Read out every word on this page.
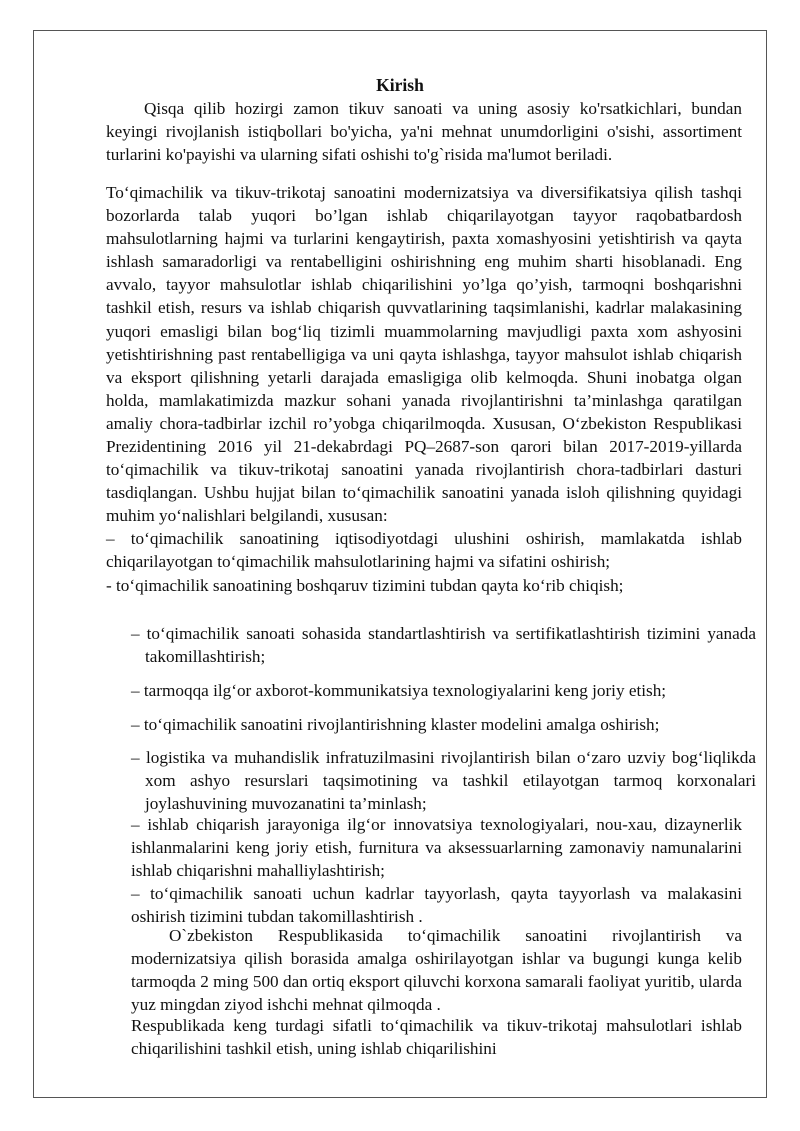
Kirish
Qisqa qilib hozirgi zamon tikuv sanoati va uning asosiy ko'rsatkichlari, bundan keyingi rivojlanish istiqbollari bo'yicha, ya'ni mehnat unumdorligini o'sishi, assortiment turlarini ko'payishi va ularning sifati oshishi to'g`risida ma'lumot beriladi.
To‘qimachilik va tikuv-trikotaj sanoatini modernizatsiya va diversifikatsiya qilish tashqi bozorlarda talab yuqori bo’lgan ishlab chiqarilayotgan tayyor raqobatbardosh mahsulotlarning hajmi va turlarini kengaytirish, paxta xomashyosini yetishtirish va qayta ishlash samaradorligi va rentabelligini oshirishning eng muhim sharti hisoblanadi. Eng avvalo, tayyor mahsulotlar ishlab chiqarilishini yo’lga qo’yish, tarmoqni boshqarishni tashkil etish, resurs va ishlab chiqarish quvvatlarining taqsimlanishi, kadrlar malakasining yuqori emasligi bilan bog‘liq tizimli muammolarning mavjudligi paxta xom ashyosini yetishtirishning past rentabelligiga va uni qayta ishlashga, tayyor mahsulot ishlab chiqarish va eksport qilishning yetarli darajada emasligiga olib kelmoqda. Shuni inobatga olgan holda, mamlakatimizda mazkur sohani yanada rivojlantirishni ta’minlashga qaratilgan amaliy chora-tadbirlar izchil ro’yobga chiqarilmoqda. Xususan, O‘zbekiston Respublikasi Prezidentining 2016 yil 21-dekabrdagi PQ–2687-son qarori bilan 2017-2019-yillarda to‘qimachilik va tikuv-trikotaj sanoatini yanada rivojlantirish chora-tadbirlari dasturi tasdiqlangan. Ushbu hujjat bilan to‘qimachilik sanoatini yanada isloh qilishning quyidagi muhim yo‘nalishlari belgilandi, xususan:
– to‘qimachilik sanoatining iqtisodiyotdagi ulushini oshirish, mamlakatda ishlab chiqarilayotgan to‘qimachilik mahsulotlarining hajmi va sifatini oshirish;
- to‘qimachilik sanoatining boshqaruv tizimini tubdan qayta ko‘rib chiqish;
– to‘qimachilik sanoati sohasida standartlashtirish va sertifikatlashtirish tizimini yanada takomillashtirish;
– tarmoqqa ilg‘or axborot-kommunikatsiya texnologiyalarini keng joriy etish;
– to‘qimachilik sanoatini rivojlantirishning klaster modelini amalga oshirish;
– logistika va muhandislik infratuzilmasini rivojlantirish bilan o‘zaro uzviy bog‘liqlikda xom ashyo resurslari taqsimotining va tashkil etilayotgan tarmoq korxonalari joylashuvining muvozanatini ta’minlash;
– ishlab chiqarish jarayoniga ilg‘or innovatsiya texnologiyalari, nou-xau, dizaynerlik ishlanmalarini keng joriy etish, furnitura va aksessuarlarning zamonaviy namunalarini ishlab chiqarishni mahalliylashtirish;
– to‘qimachilik sanoati uchun kadrlar tayyorlash, qayta tayyorlash va malakasini oshirish tizimini tubdan takomillashtirish .
O`zbekiston Respublikasida to‘qimachilik sanoatini rivojlantirish va modernizatsiya qilish borasida amalga oshirilayotgan ishlar va bugungi kunga kelib tarmoqda 2 ming 500 dan ortiq eksport qiluvchi korxona samarali faoliyat yuritib, ularda yuz mingdan ziyod ishchi mehnat qilmoqda .
Respublikada keng turdagi sifatli to‘qimachilik va tikuv-trikotaj mahsulotlari ishlab chiqarilishini tashkil etish, uning ishlab chiqarilishini
